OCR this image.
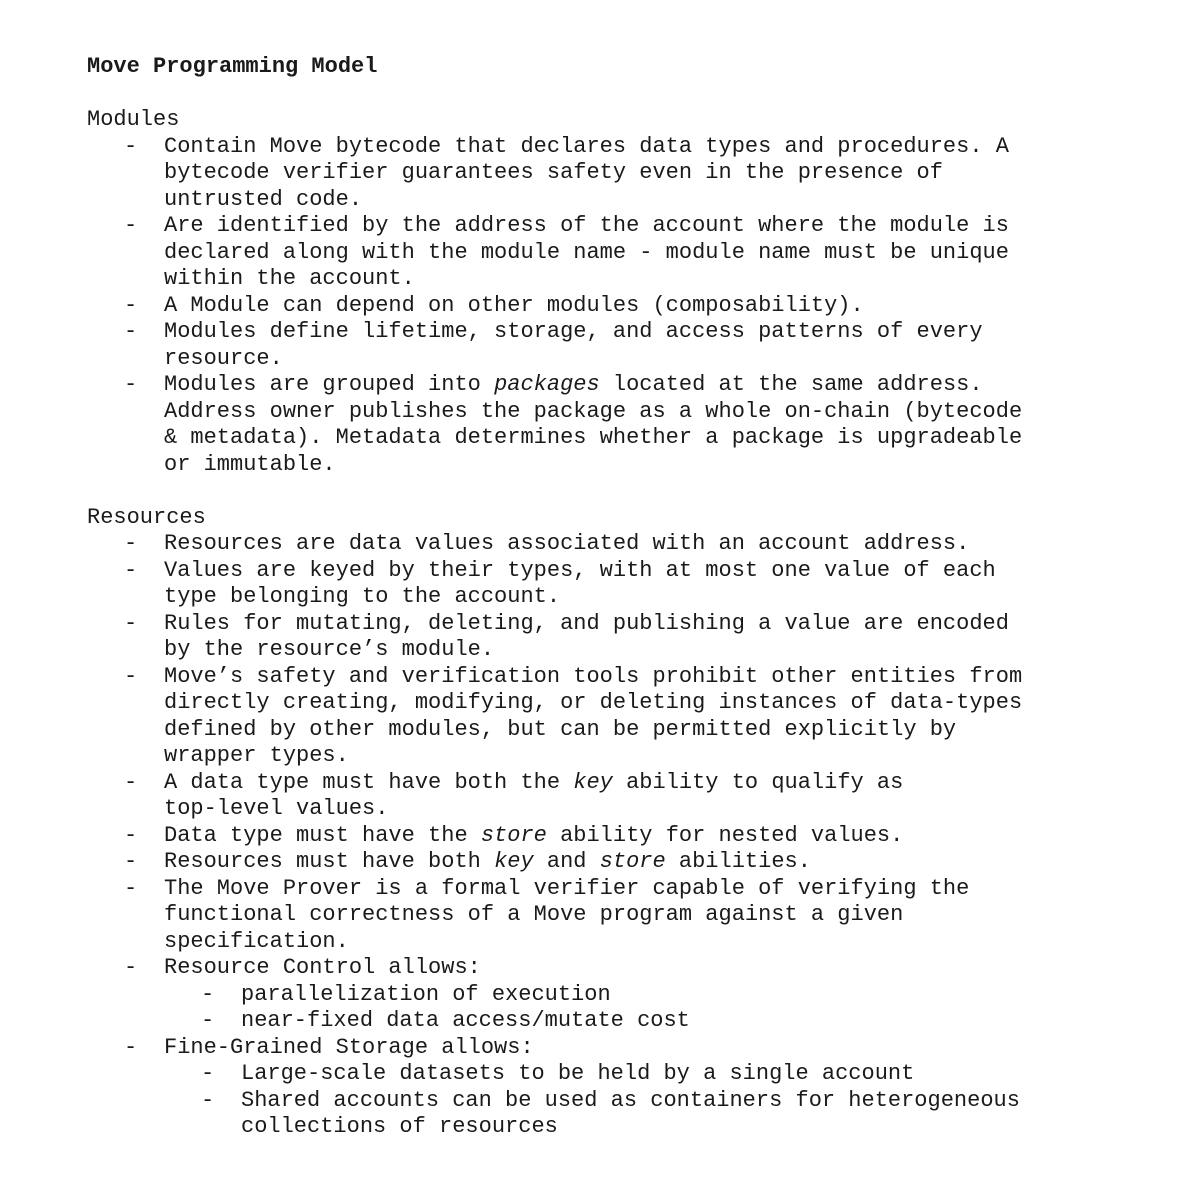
Move Programming Model
Modules
- Contain Move bytecode that declares data types and procedures. A
bytecode verifier guarantees safety even in the presence of
untrusted code.
- Are identified by the address of the account where the module is
declared along with the module name - module name must be unique
within the account.
- A Module can depend on other modules (composability).
- Modules define lifetime, storage, and access patterns of every
resource.
- Modules are grouped into packages located at the same address.
Address owner publishes the package as a whole on-chain (bytecode
& metadata). Metadata determines whether a package is upgradeable
or immutable.
Resources
- Resources are data values associated with an account address.
- Values are keyed by their types, with at most one value of each
type belonging to the account.
- Rules for mutating, deleting, and publishing a value are encoded
by the resource’s module.
- Move’s safety and verification tools prohibit other entities from
directly creating, modifying, or deleting instances of data-types
defined by other modules, but can be permitted explicitly by
wrapper types.
- A data type must have both the key ability to qualify as
top-level values.
- Data type must have the store ability for nested values.
- Resources must have both key and store abilities.
- The Move Prover is a formal verifier capable of verifying the
functional correctness of a Move program against a given
specification.
- Resource Control allows:
- parallelization of execution
- near-fixed data access/mutate cost
- Fine-Grained Storage allows:
- Large-scale datasets to be held by a single account
- Shared accounts can be used as containers for heterogeneous
collections of resources
